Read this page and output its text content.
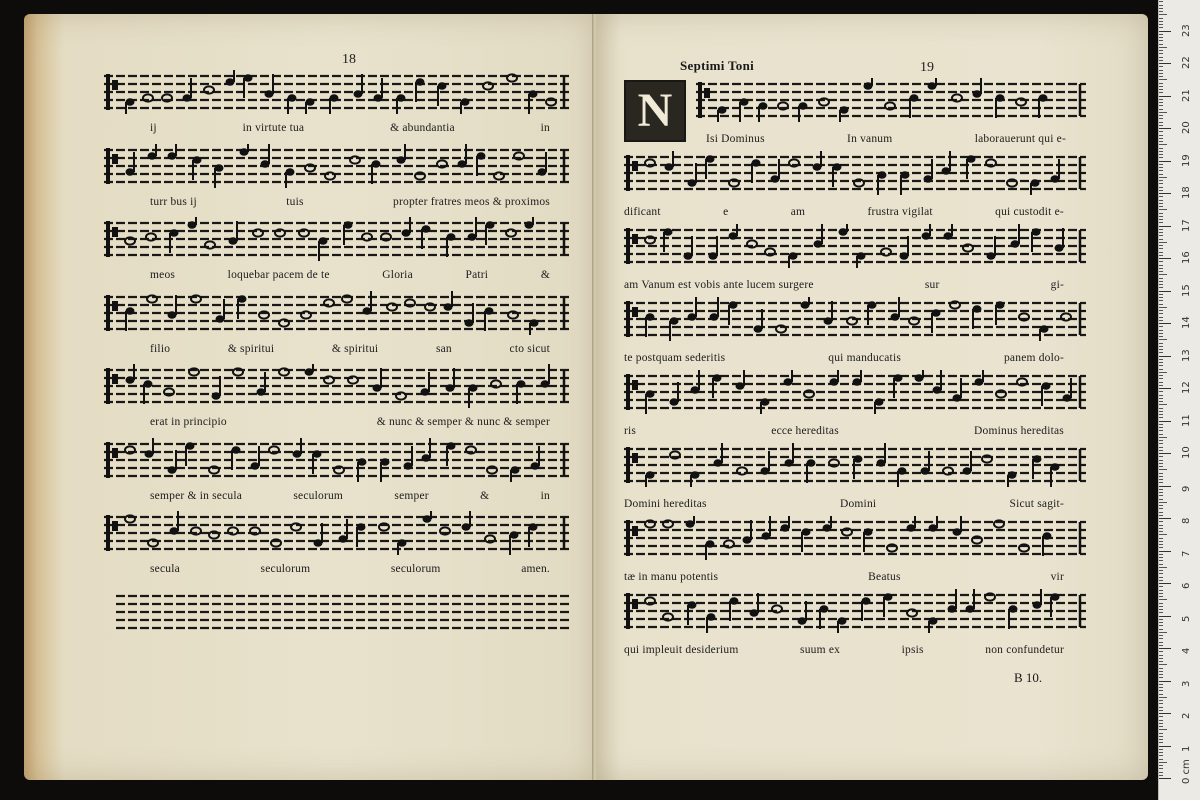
18
ij	in virtute tua	& abundantia	in
turr bus ij	tuis	propter fratres meos & proximos
meos	loquebar pacem de te	Gloria	Patri	&
filio	& spiritui	& spiritui	san	cto sicut
erat in principio	& nunc & semper & nunc & semper
semper & in secula	seculorum	semper	&	in
secula	seculorum	seculorum	amen.
Septimi Toni	19
N
B 10.
Isi Dominus	In vanum	laborauerunt qui e-
dificant	e	am	frustra vigilat	qui custodit e-
am Vanum est vobis ante lucem surgere	sur	gi-
te postquam sederitis	qui manducatis	panem dolo-
ris	ecce hereditas	Dominus hereditas
Domini hereditas	Domini	Sicut sagit-
tæ in manu potentis	Beatus	vir
qui impleuit desiderium	suum ex	ipsis	non confundetur
0 cm
1
2
3
4
5
6
7
8
9
10
11
12
13
14
15
16
17
18
19
20
21
22
23
